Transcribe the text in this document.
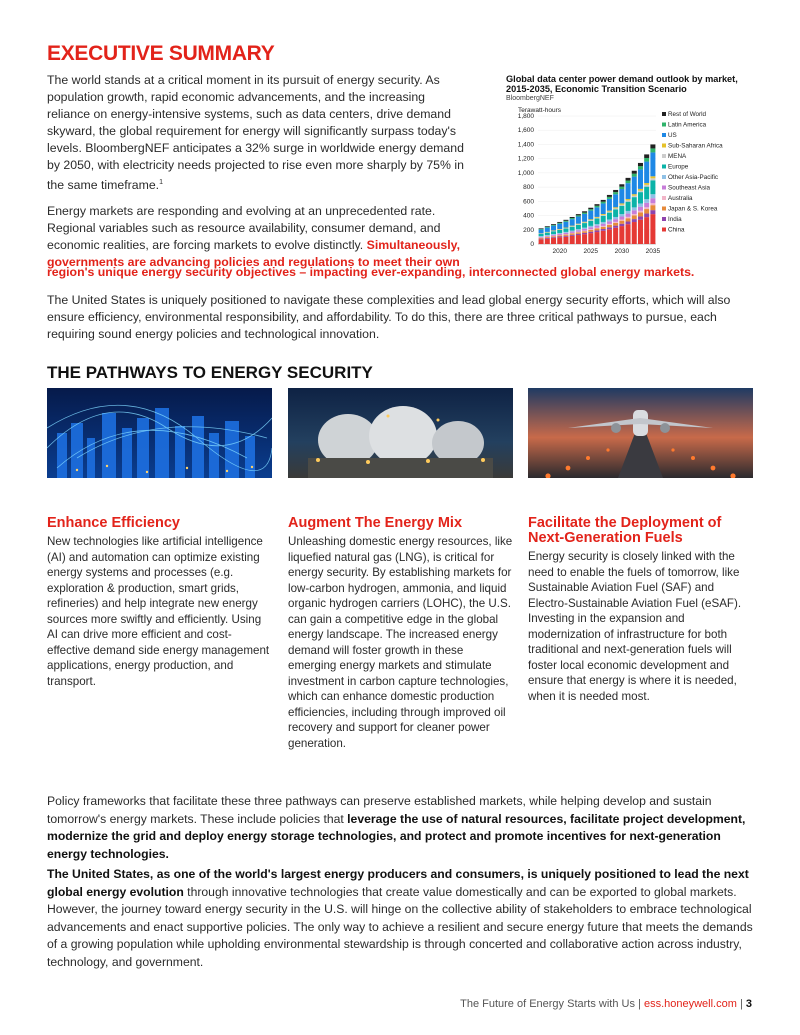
EXECUTIVE SUMMARY

The world stands at a critical moment in its pursuit of energy security. As population growth, rapid economic advancements, and the increasing reliance on energy-intensive systems, such as data centers, drive demand skyward, the global requirement for energy will significantly surpass today's levels. BloombergNEF anticipates a 32% surge in worldwide energy demand by 2050, with electricity needs projected to rise even more sharply by 75% in the same timeframe.$^1$

Energy markets are responding and evolving at an unprecedented rate. Regional variables such as resource availability, consumer demand, and economic realities, are forcing markets to evolve distinctly. Simultaneously, governments are advancing policies and regulations to meet their own

region's unique energy security objectives – impacting ever-expanding, interconnected global energy markets.
The United States is uniquely positioned to navigate these complexities and lead global energy security efforts, which will also ensure efficiency, environmental responsibility, and affordability. To do this, there are three critical pathways to pursue, each requiring sound energy policies and technological innovation.
Global data center power demand outlook by market, 2015-2035, Economic Transition Scenario
BloombergNEF
Terawatt-hours
0
200
400
600
800
1,000
1,200
1,400
1,600
1,800
2020	2025	2030	2035
Rest of World
Latin America
US
Sub-Saharan Africa
MENA
Europe
Other Asia-Pacific
Southeast Asia
Australia
Japan & S. Korea
India
China
THE PATHWAYS TO ENERGY SECURITY
Enhance Efficiency

New technologies like artificial intelligence (AI) and automation can optimize existing energy systems and processes (e.g. exploration & production, smart grids, refineries) and help integrate new energy sources more swiftly and efficiently. Using AI can drive more efficient and cost-effective demand side energy management applications, energy production, and transport.

Augment The Energy Mix

Unleashing domestic energy resources, like liquefied natural gas (LNG), is critical for energy security. By establishing markets for low-carbon hydrogen, ammonia, and liquid organic hydrogen carriers (LOHC), the U.S. can gain a competitive edge in the global energy landscape. The increased energy demand will foster growth in these emerging energy markets and stimulate investment in carbon capture technologies, which can enhance domestic production efficiencies, including through improved oil recovery and support for cleaner power generation.

Facilitate the Deployment of Next-Generation Fuels

Energy security is closely linked with the need to enable the fuels of tomorrow, like Sustainable Aviation Fuel (SAF) and Electro-Sustainable Aviation Fuel (eSAF). Investing in the expansion and modernization of infrastructure for both traditional and next-generation fuels will foster local economic development and ensure that energy is where it is needed, when it is needed most.

Policy frameworks that facilitate these three pathways can preserve established markets, while helping develop and sustain tomorrow's energy markets. These include policies that leverage the use of natural resources, facilitate project development, modernize the grid and deploy energy storage technologies, and protect and promote incentives for next-generation energy technologies.
The United States, as one of the world's largest energy producers and consumers, is uniquely positioned to lead the next global energy evolution through innovative technologies that create value domestically and can be exported to global markets. However, the journey toward energy security in the U.S. will hinge on the collective ability of stakeholders to embrace technological advancements and enact supportive policies. The only way to achieve a resilient and secure energy future that meets the demands of a growing population while upholding environmental stewardship is through concerted and collaborative action across industry, technology, and government.
The Future of Energy Starts with Us | ess.honeywell.com | 3
